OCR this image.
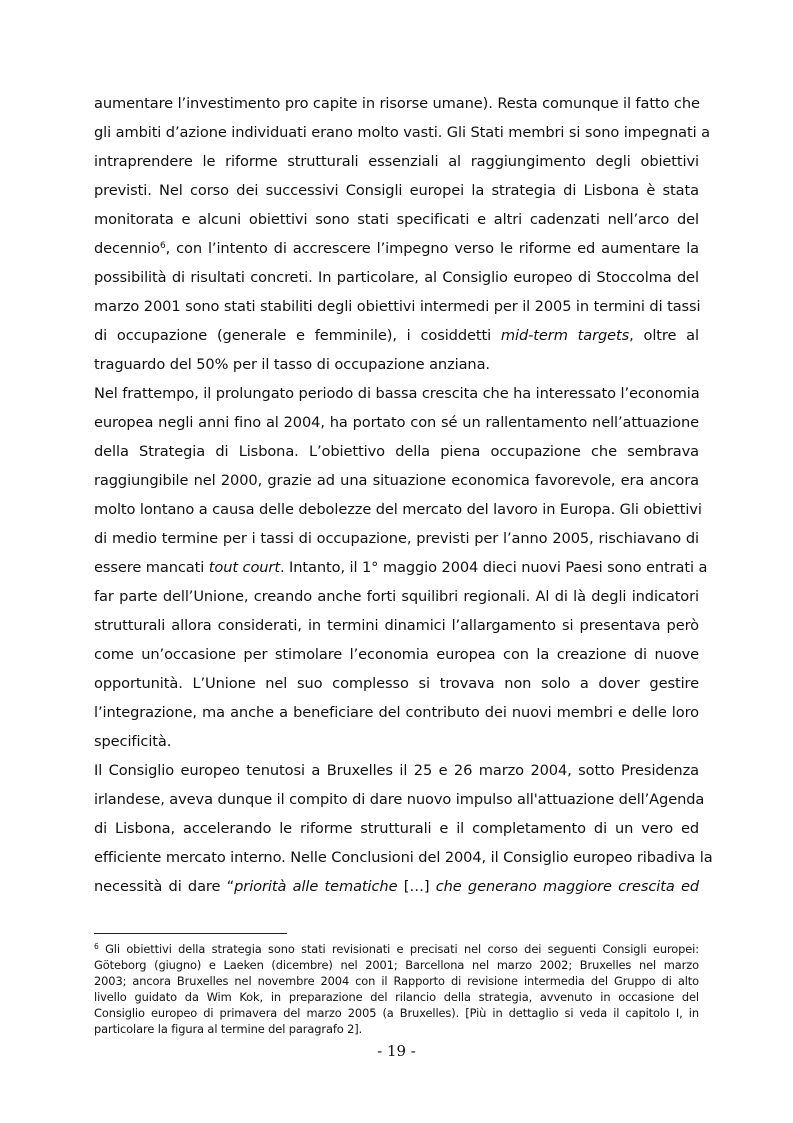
aumentare l’investimento pro capite in risorse umane). Resta comunque il fatto che
gli ambiti d’azione individuati erano molto vasti. Gli Stati membri si sono impegnati a
intraprendere le riforme strutturali essenziali al raggiungimento degli obiettivi
previsti. Nel corso dei successivi Consigli europei la strategia di Lisbona è stata
monitorata e alcuni obiettivi sono stati specificati e altri cadenzati nell’arco del
decennio$^6$, con l’intento di accrescere l’impegno verso le riforme ed aumentare la
possibilità di risultati concreti. In particolare, al Consiglio europeo di Stoccolma del
marzo 2001 sono stati stabiliti degli obiettivi intermedi per il 2005 in termini di tassi
di occupazione (generale e femminile), i cosiddetti mid-term targets, oltre al
traguardo del 50% per il tasso di occupazione anziana.
Nel frattempo, il prolungato periodo di bassa crescita che ha interessato l’economia
europea negli anni fino al 2004, ha portato con sé un rallentamento nell’attuazione
della Strategia di Lisbona. L’obiettivo della piena occupazione che sembrava
raggiungibile nel 2000, grazie ad una situazione economica favorevole, era ancora
molto lontano a causa delle debolezze del mercato del lavoro in Europa. Gli obiettivi
di medio termine per i tassi di occupazione, previsti per l’anno 2005, rischiavano di
essere mancati tout court. Intanto, il 1° maggio 2004 dieci nuovi Paesi sono entrati a
far parte dell’Unione, creando anche forti squilibri regionali. Al di là degli indicatori
strutturali allora considerati, in termini dinamici l’allargamento si presentava però
come un’occasione per stimolare l’economia europea con la creazione di nuove
opportunità. L’Unione nel suo complesso si trovava non solo a dover gestire
l’integrazione, ma anche a beneficiare del contributo dei nuovi membri e delle loro
specificità.
Il Consiglio europeo tenutosi a Bruxelles il 25 e 26 marzo 2004, sotto Presidenza
irlandese, aveva dunque il compito di dare nuovo impulso all'attuazione dell’Agenda
di Lisbona, accelerando le riforme strutturali e il completamento di un vero ed
efficiente mercato interno. Nelle Conclusioni del 2004, il Consiglio europeo ribadiva la
necessità di dare “priorità alle tematiche […] che generano maggiore crescita ed
$^6$ Gli obiettivi della strategia sono stati revisionati e precisati nel corso dei seguenti Consigli europei:
Göteborg (giugno) e Laeken (dicembre) nel 2001; Barcellona nel marzo 2002; Bruxelles nel marzo
2003; ancora Bruxelles nel novembre 2004 con il Rapporto di revisione intermedia del Gruppo di alto
livello guidato da Wim Kok, in preparazione del rilancio della strategia, avvenuto in occasione del
Consiglio europeo di primavera del marzo 2005 (a Bruxelles). [Più in dettaglio si veda il capitolo I, in
particolare la figura al termine del paragrafo 2].
- 19 -
